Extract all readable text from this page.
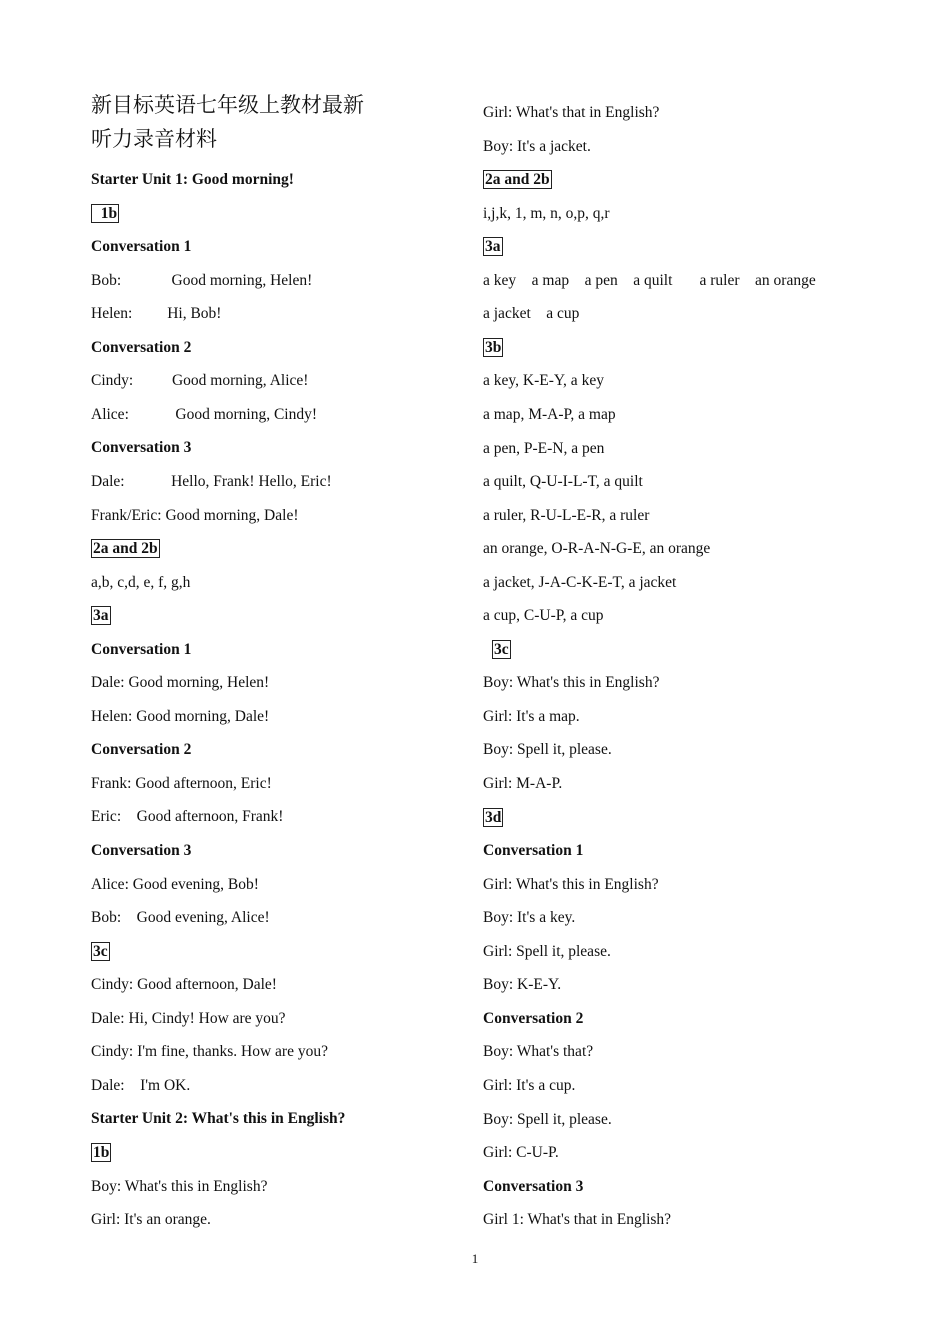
新目标英语七年级上教材最新
听力录音材料
Starter Unit 1: Good morning!
1b
Conversation 1
Bob:             Good morning, Helen!
Helen:         Hi, Bob!
Conversation 2
Cindy:          Good morning, Alice!
Alice:            Good morning, Cindy!
Conversation 3
Dale:            Hello, Frank! Hello, Eric!
Frank/Eric: Good morning, Dale!
2a and 2b
a,b, c,d, e, f, g,h
3a
Conversation 1
Dale: Good morning, Helen!
Helen: Good morning, Dale!
Conversation 2
Frank: Good afternoon, Eric!
Eric:    Good afternoon, Frank!
Conversation 3
Alice: Good evening, Bob!
Bob:    Good evening, Alice!
3c
Cindy: Good afternoon, Dale!
Dale: Hi, Cindy! How are you?
Cindy: I'm fine, thanks. How are you?
Dale:    I'm OK.
Starter Unit 2: What's this in English?
1b
Boy: What's this in English?
Girl: It's an orange.
Girl: What's that in English?
Boy: It's a jacket.
2a and 2b
i,j,k, 1, m, n, o,p, q,r
3a
a key    a map    a pen    a quilt       a ruler    an orange
a jacket    a cup
3b
a key, K-E-Y, a key
a map, M-A-P, a map
a pen, P-E-N, a pen
a quilt, Q-U-I-L-T, a quilt
a ruler, R-U-L-E-R, a ruler
an orange, O-R-A-N-G-E, an orange
a jacket, J-A-C-K-E-T, a jacket
a cup, C-U-P, a cup
3c
Boy: What's this in English?
Girl: It's a map.
Boy: Spell it, please.
Girl: M-A-P.
3d
Conversation 1
Girl: What's this in English?
Boy: It's a key.
Girl: Spell it, please.
Boy: K-E-Y.
Conversation 2
Boy: What's that?
Girl: It's a cup.
Boy: Spell it, please.
Girl: C-U-P.
Conversation 3
Girl 1: What's that in English?
1
